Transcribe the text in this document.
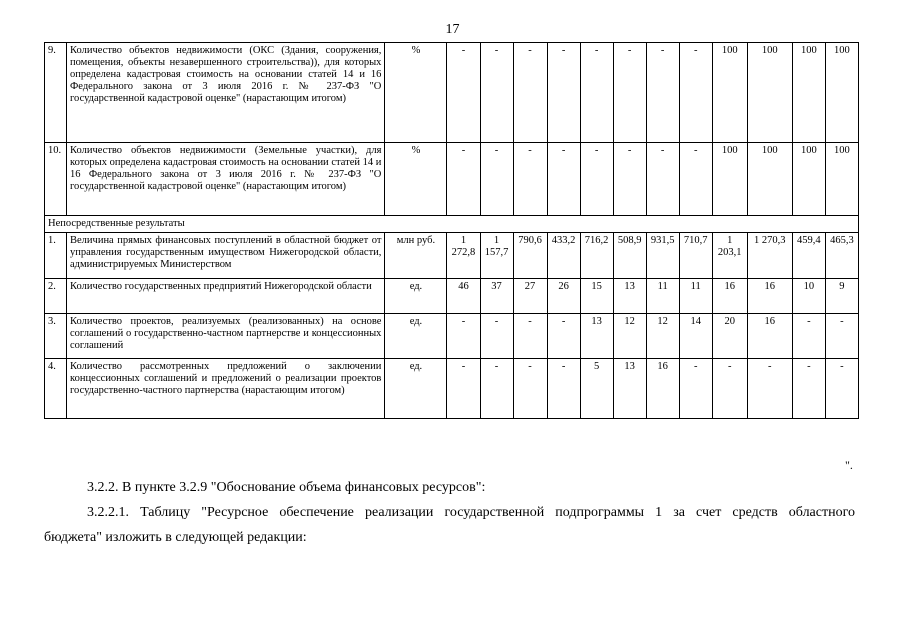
17
9.	Количество объектов недвижимости (ОКС (Здания, сооружения, помещения, объекты незавершенного строительства)), для которых определена кадастровая стоимость на основании статей 14 и 16 Федерального закона от 3 июля 2016 г. № 237-ФЗ "О государственной кадастровой оценке" (нарастающим итогом)	%	-	-	-	-	-	-	-	-	100	100	100	100
10.	Количество объектов недвижимости (Земельные участки), для которых определена кадастровая стоимость на основании статей 14 и 16 Федерального закона от 3 июля 2016 г. № 237-ФЗ "О государственной кадастровой оценке" (нарастающим итогом)	%	-	-	-	-	-	-	-	-	100	100	100	100
Непосредственные результаты														
1.	Величина прямых финансовых поступлений в областной бюджет от управления государственным имуществом Нижегородской области, администрируемых Министерством	млн руб.	1 272,8	1 157,7	790,6	433,2	716,2	508,9	931,5	710,7	1 203,1	1 270,3	459,4	465,3
2.	Количество государственных предприятий Нижегородской области	ед.	46	37	27	26	15	13	11	11	16	16	10	9
3.	Количество проектов, реализуемых (реализованных) на основе соглашений о государственно-частном партнерстве и концессионных соглашений	ед.	-	-	-	-	13	12	12	14	20	16	-	-
4.	Количество рассмотренных предложений о заключении концессионных соглашений и предложений о реализации проектов государственно-частного партнерства (нарастающим итогом)	ед.	-	-	-	-	5	13	16	-	-	-	-	-
".
3.2.2. В пункте 3.2.9 "Обоснование объема финансовых ресурсов":
3.2.2.1. Таблицу "Ресурсное обеспечение реализации государственной подпрограммы 1 за счет средств областного
бюджета" изложить в следующей редакции:
